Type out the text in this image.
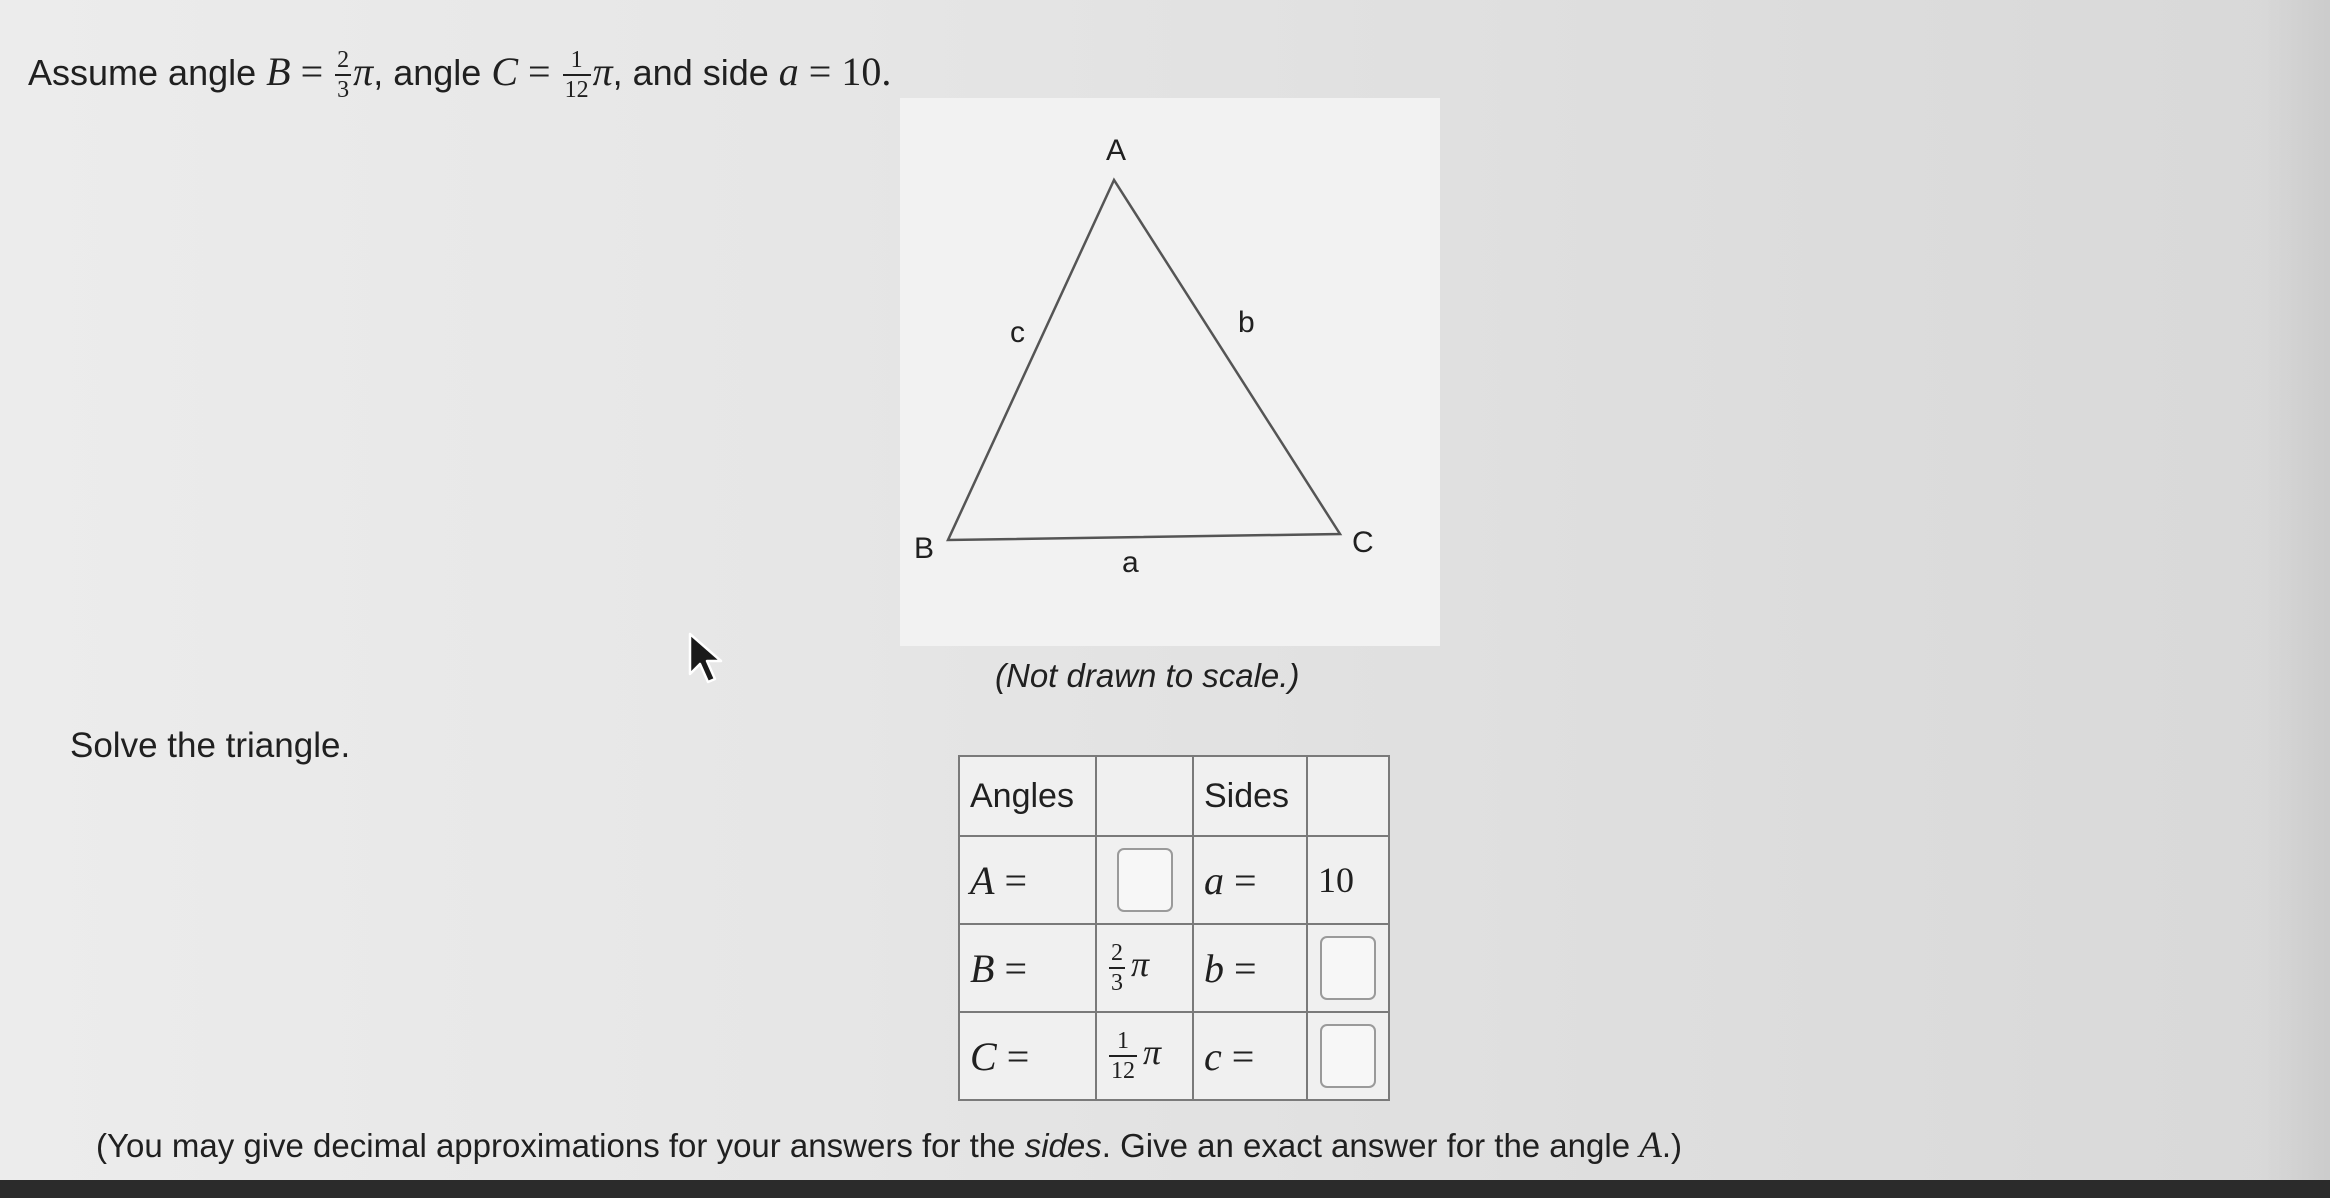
Assume angle $B = \frac{2}{3} \pi$, angle $C = \frac{1}{12} \pi$, and side a = 10.
A
B	C
a
b
c
(Not drawn to scale.)
Solve the triangle.
Angles		Sides	
A =		a =	10
B =	$\frac{2}{3}$ π	b =	
C =	$\frac{1}{12}$ π	c =	
(You may give decimal approximations for your answers for the sides. Give an exact answer for the angle A.)
